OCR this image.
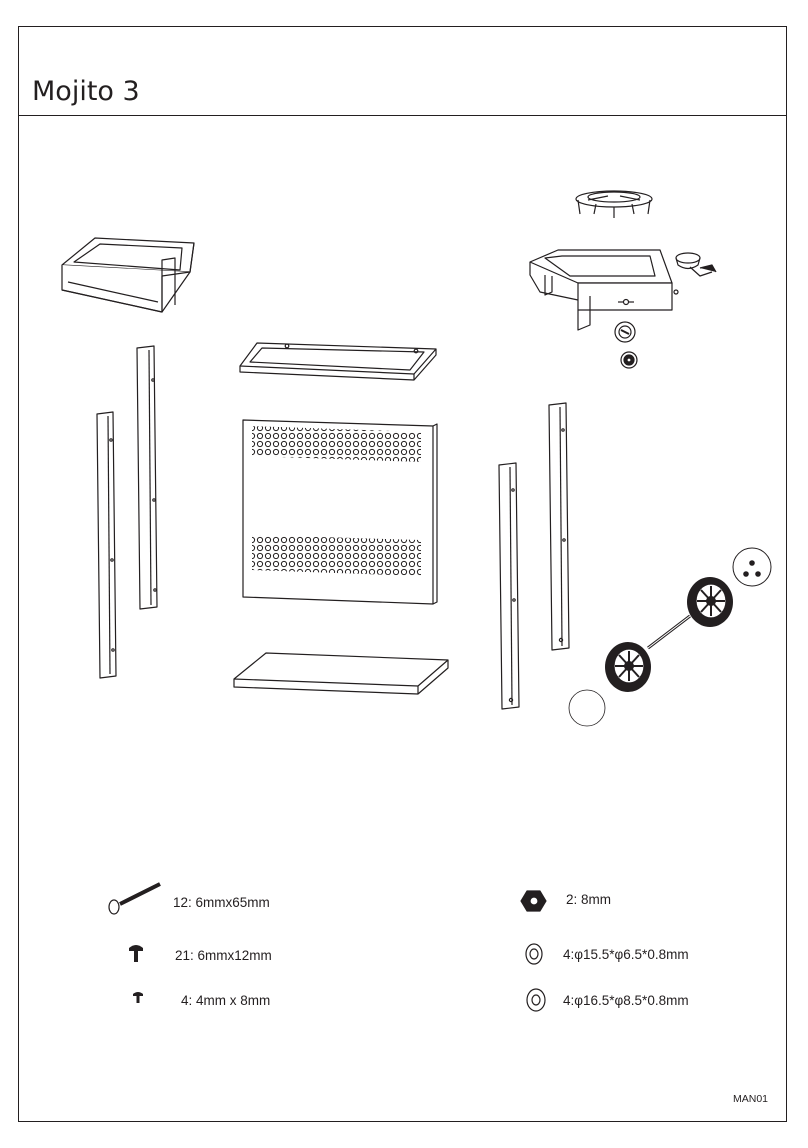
Mojito 3
12: 6mmx65mm	2: 8mm
21: 6mmx12mm	4:φ15.5*φ6.5*0.8mm
4: 4mm x 8mm	4:φ16.5*φ8.5*0.8mm
MAN01
